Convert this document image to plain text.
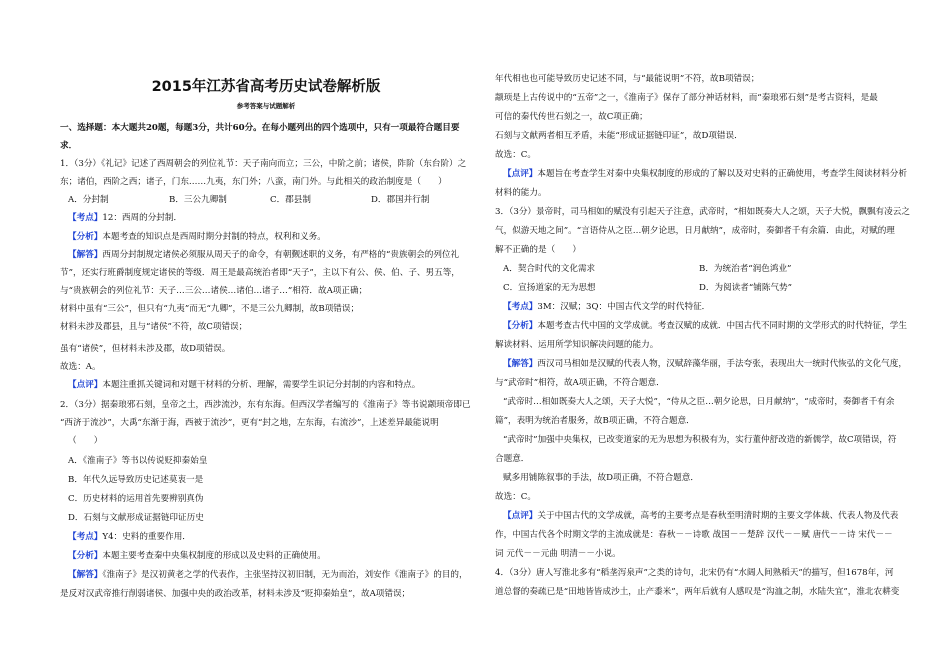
2015年江苏省高考历史试卷解析版
参考答案与试题解析
一、选择题：本大题共20题，每题3分，共计60分。在每小题列出的四个选项中，只有一项最符合题目要
求．
1．（3分）《礼记》记述了西周朝会的列位礼节：天子南向而立；三公，中阶之前；诸侯，阼阶（东台阶）之
东；诸伯，西阶之西；诸子，门东……九夷，东门外；八蛮，南门外。与此相关的政治制度是（　　）
A．分封制	B．三公九卿制	C．郡县制	D．郡国并行制
【考点】12：西周的分封制．
【分析】本题考查的知识点是西周时期分封制的特点，权利和义务。
【解答】西周分封制规定诸侯必须服从周天子的命令，有朝觐述职的义务，有严格的“贵族朝会的列位礼
节”，还实行班爵制度规定诸侯的等级．周王是最高统治者即“天子”，主以下有公、侯、伯、子、男五等，
与“贵族朝会的列位礼节：天子…三公…诸侯…诸伯…诸子…”相符．故A项正确；
材料中虽有“三公”，但只有“九夷”而无“九卿”，不是三公九卿制，故B项错误；
材料未涉及郡县，且与“诸侯”不符，故C项错误；
虽有“诸侯”，但材料未涉及郡，故D项错误。
故选：A。
【点评】本题注重抓关键词和对题干材料的分析、理解，需要学生识记分封制的内容和特点。
2．（3分）据秦琅邪石刻，皇帝之土，西涉流沙，东有东海。但西汉学者编写的《淮南子》等书说颛顼帝即已
“西济于流沙”，大禹“东渐于海，西被于流沙”，更有“封之地，左东海，右流沙”，上述差异最能说明
（　　）
A．《淮南子》等书以传说贬抑秦始皇
B．年代久远导致历史记述莫衷一是
C．历史材料的运用首先要辨别真伪
D．石刻与文献形成证据链印证历史
【考点】Y4：史料的重要作用．
【分析】本题主要考查秦中央集权制度的形成以及史料的正确使用。
【解答】《淮南子》是汉初黄老之学的代表作，主张坚持汉初旧制，无为而治，刘安作《淮南子》的目的，
是反对汉武帝推行削弱诸侯、加强中央的政治改革，材料未涉及“贬抑秦始皇”，故A项错误；
年代相也也可能导致历史记述不同，与“最能说明”不符，故B项错误；
颛顼是上古传说中的“五帝”之一，《淮南子》保存了部分神话材料，而“秦琅邪石刻”是考古资料，是最
可信的秦代传世石刻之一，故C项正确；
石刻与文献两者相互矛盾，未能“形成证据链印证”，故D项错误．
故选：C。
【点评】本题旨在考查学生对秦中央集权制度的形成的了解以及对史料的正确使用，考查学生阅读材料分析
材料的能力。
3．（3分）景帝时，司马相如的赋没有引起天子注意，武帝时，“相如既奏大人之颂，天子大悦，飘飘有凌云之
气，似游天地之间”。“言语侍从之臣…朝夕论思，日月献纳”，成帝时，奏御者千有余篇．由此，对赋的理
解不正确的是（　　）
A．契合时代的文化需求	B．为统治者“润色鸿业”
C．宣扬道家的无为思想	D．为阅读者“铺陈气势”
【考点】3M：汉赋；3Q：中国古代文学的时代特征．
【分析】本题考查古代中国的文学成就。考查汉赋的成就．中国古代不同时期的文学形式的时代特征，学生
解读材料、运用所学知识解决问题的能力。
【解答】西汉司马相如是汉赋的代表人物，汉赋辞藻华丽，手法夸张，表现出大一统时代恢弘的文化气度，
与“武帝时”相符，故A项正确，不符合题意．
“武帝时…相如既奏大人之颂，天子大悦”，“侍从之臣…朝夕论思，日月献纳”，“成帝时，奏御者千有余
篇”，表明为统治者服务，故B项正确，不符合题意．
“武帝时”加强中央集权，已改变道家的无为思想为积极有为，实行董仲舒改造的新儒学，故C项错误，符
合题意．
赋多用铺陈叙事的手法，故D项正确，不符合题意．
故选：C。
【点评】关于中国古代的文学成就，高考的主要考点是春秋至明清时期的主要文学体裁、代表人物及代表
作，中国古代各个时期文学的主流成就是：春秋－－诗歌 战国－－楚辞 汉代－－赋 唐代－－诗 宋代－－
词 元代－－元曲 明清－－小说。
4．（3分）唐人写淮北多有“稻垄泻泉声”之类的诗句，北宋仍有“水阔人间熟稻天”的描写，但1678年，河
道总督的奏疏已是“田地皆皆成沙土，止产黍米”，两年后就有人感叹是“沟洫之制，水陆失宜”，淮北农耕变
